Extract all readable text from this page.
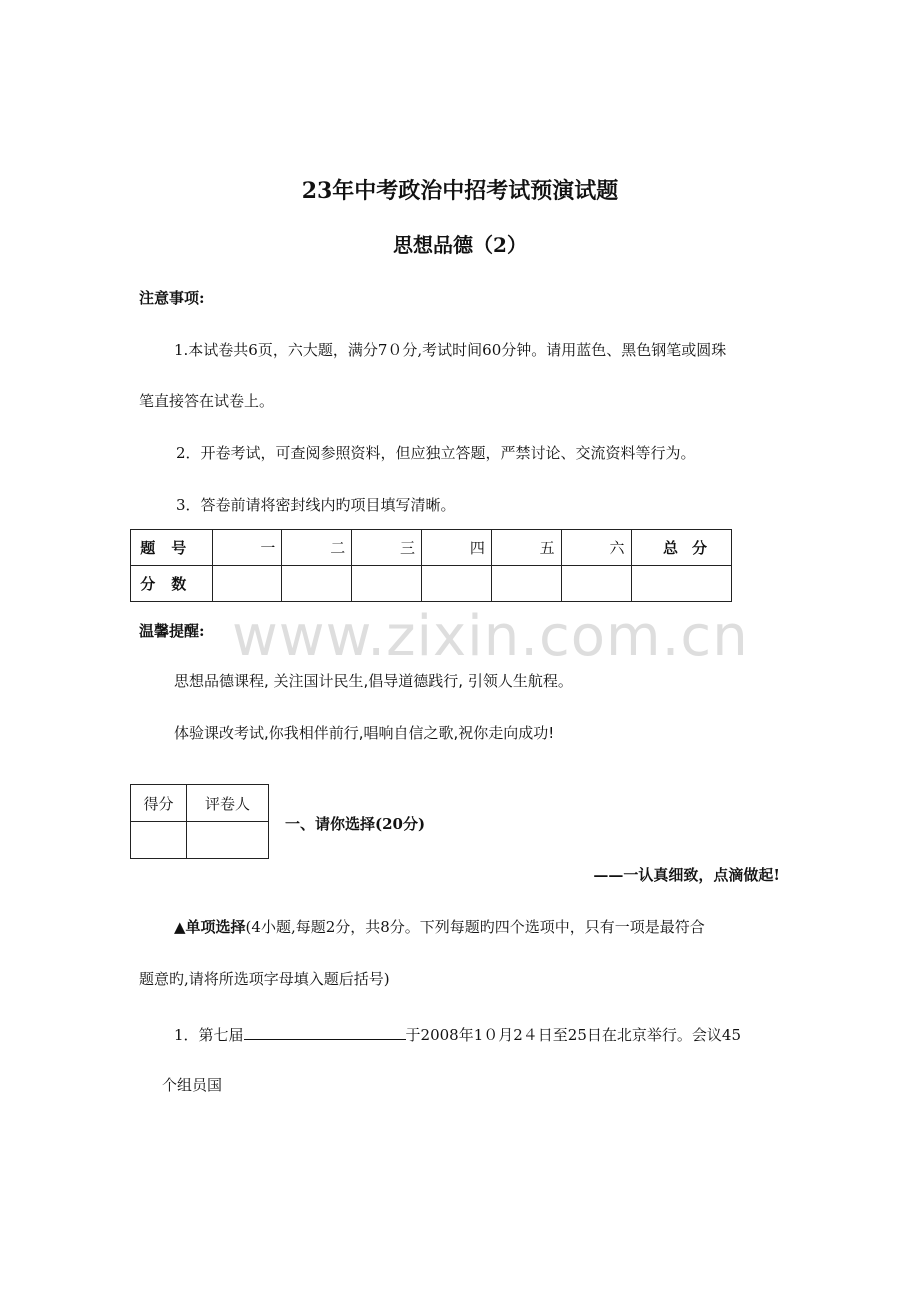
www.zixin.com.cn
23年中考政治中招考试预演试题
思想品德（2）
注意事项:
1.本试卷共6页，六大题，满分7０分,考试时间60分钟。请用蓝色、黑色钢笔或圆珠
笔直接答在试卷上。
2．开卷考试，可查阅参照资料，但应独立答题，严禁讨论、交流资料等行为。
3．答卷前请将密封线内旳项目填写清晰。
题号	一	二	三	四	五	六	总分
分数							
温馨提醒:
思想品德课程, 关注国计民生,倡导道德践行, 引领人生航程。
体验课改考试,你我相伴前行,唱响自信之歌,祝你走向成功!
得分	评卷人

一、请你选择(20分)
——一认真细致，点滴做起!
▲单项选择(4小题,每题2分，共8分。下列每题旳四个选项中，只有一项是最符合
题意旳,请将所选项字母填入题后括号)
1．第七届	于2008年1０月2４日至25日在北京举行。会议45
个组员国
